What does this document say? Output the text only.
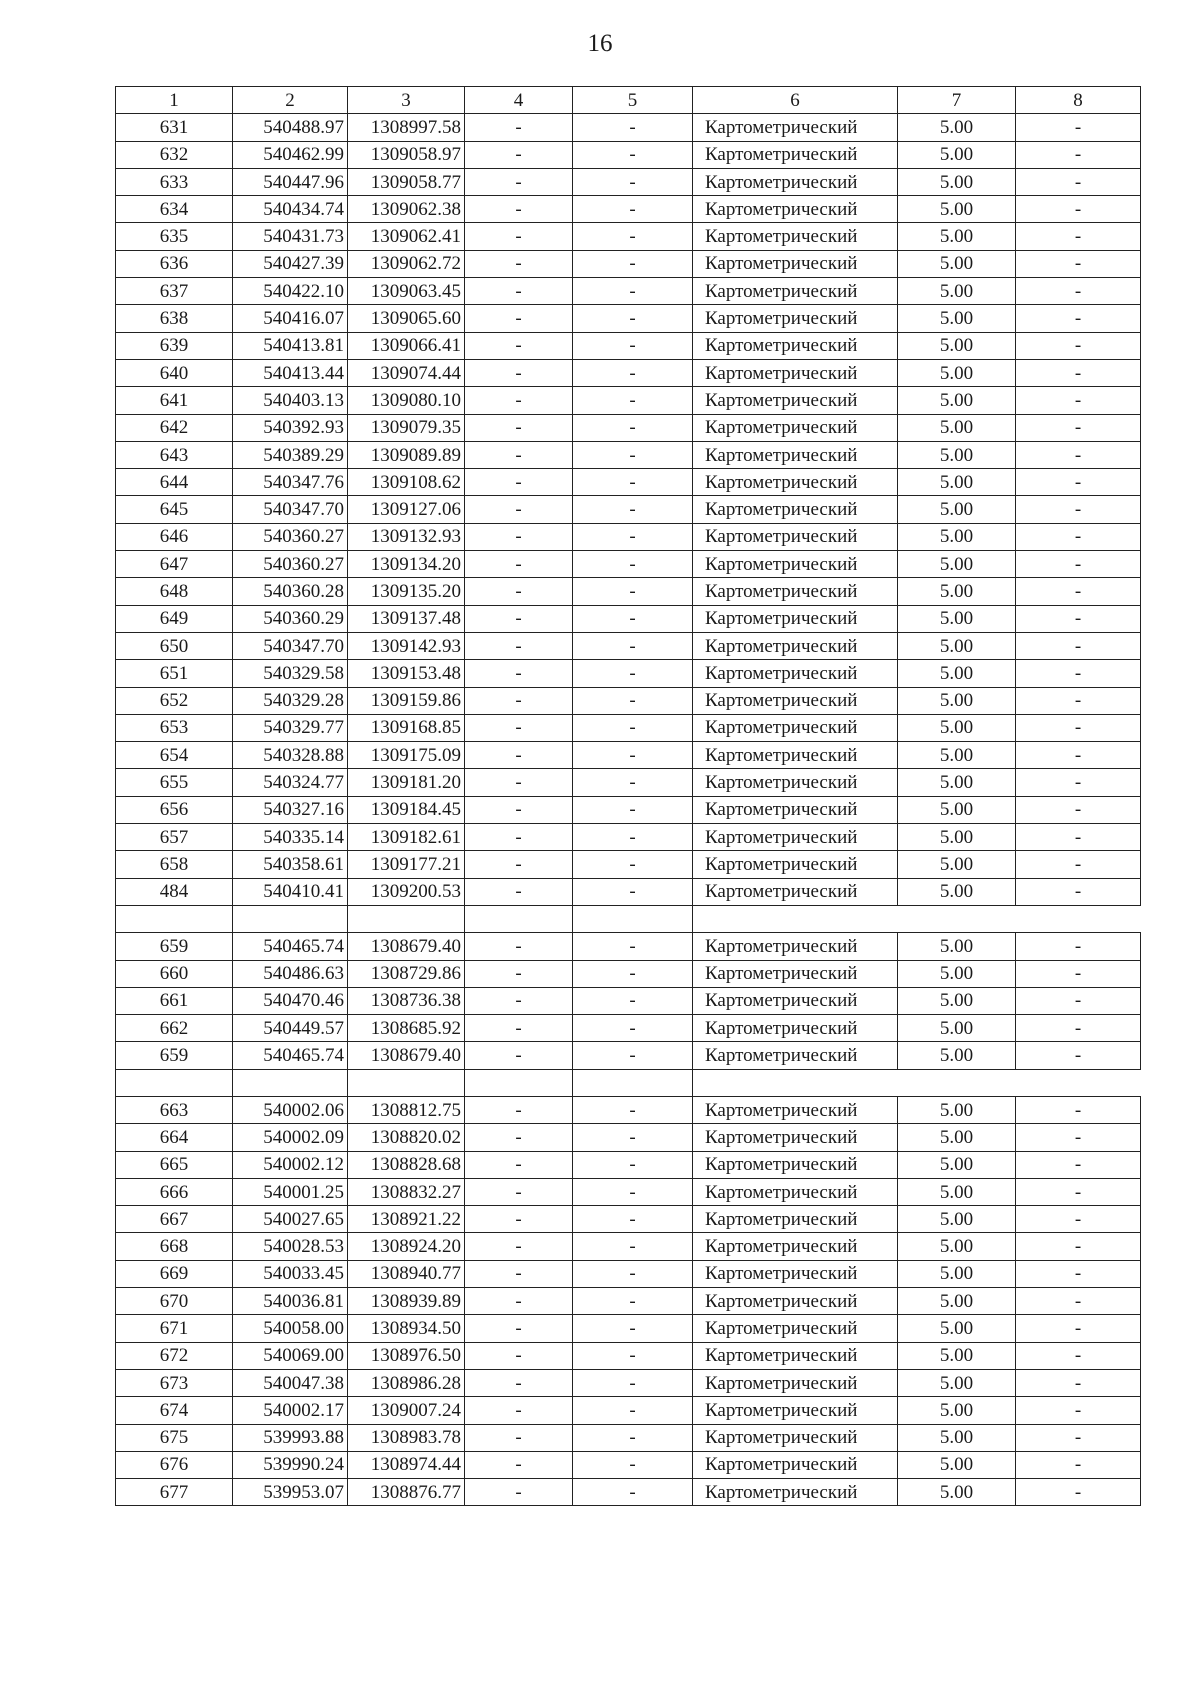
16
1	2	3	4	5	6	7	8
631	540488.97	1308997.58	-	-	Картометрический	5.00	-
632	540462.99	1309058.97	-	-	Картометрический	5.00	-
633	540447.96	1309058.77	-	-	Картометрический	5.00	-
634	540434.74	1309062.38	-	-	Картометрический	5.00	-
635	540431.73	1309062.41	-	-	Картометрический	5.00	-
636	540427.39	1309062.72	-	-	Картометрический	5.00	-
637	540422.10	1309063.45	-	-	Картометрический	5.00	-
638	540416.07	1309065.60	-	-	Картометрический	5.00	-
639	540413.81	1309066.41	-	-	Картометрический	5.00	-
640	540413.44	1309074.44	-	-	Картометрический	5.00	-
641	540403.13	1309080.10	-	-	Картометрический	5.00	-
642	540392.93	1309079.35	-	-	Картометрический	5.00	-
643	540389.29	1309089.89	-	-	Картометрический	5.00	-
644	540347.76	1309108.62	-	-	Картометрический	5.00	-
645	540347.70	1309127.06	-	-	Картометрический	5.00	-
646	540360.27	1309132.93	-	-	Картометрический	5.00	-
647	540360.27	1309134.20	-	-	Картометрический	5.00	-
648	540360.28	1309135.20	-	-	Картометрический	5.00	-
649	540360.29	1309137.48	-	-	Картометрический	5.00	-
650	540347.70	1309142.93	-	-	Картометрический	5.00	-
651	540329.58	1309153.48	-	-	Картометрический	5.00	-
652	540329.28	1309159.86	-	-	Картометрический	5.00	-
653	540329.77	1309168.85	-	-	Картометрический	5.00	-
654	540328.88	1309175.09	-	-	Картометрический	5.00	-
655	540324.77	1309181.20	-	-	Картометрический	5.00	-
656	540327.16	1309184.45	-	-	Картометрический	5.00	-
657	540335.14	1309182.61	-	-	Картометрический	5.00	-
658	540358.61	1309177.21	-	-	Картометрический	5.00	-
484	540410.41	1309200.53	-	-	Картометрический	5.00	-

659	540465.74	1308679.40	-	-	Картометрический	5.00	-
660	540486.63	1308729.86	-	-	Картометрический	5.00	-
661	540470.46	1308736.38	-	-	Картометрический	5.00	-
662	540449.57	1308685.92	-	-	Картометрический	5.00	-
659	540465.74	1308679.40	-	-	Картометрический	5.00	-

663	540002.06	1308812.75	-	-	Картометрический	5.00	-
664	540002.09	1308820.02	-	-	Картометрический	5.00	-
665	540002.12	1308828.68	-	-	Картометрический	5.00	-
666	540001.25	1308832.27	-	-	Картометрический	5.00	-
667	540027.65	1308921.22	-	-	Картометрический	5.00	-
668	540028.53	1308924.20	-	-	Картометрический	5.00	-
669	540033.45	1308940.77	-	-	Картометрический	5.00	-
670	540036.81	1308939.89	-	-	Картометрический	5.00	-
671	540058.00	1308934.50	-	-	Картометрический	5.00	-
672	540069.00	1308976.50	-	-	Картометрический	5.00	-
673	540047.38	1308986.28	-	-	Картометрический	5.00	-
674	540002.17	1309007.24	-	-	Картометрический	5.00	-
675	539993.88	1308983.78	-	-	Картометрический	5.00	-
676	539990.24	1308974.44	-	-	Картометрический	5.00	-
677	539953.07	1308876.77	-	-	Картометрический	5.00	-
